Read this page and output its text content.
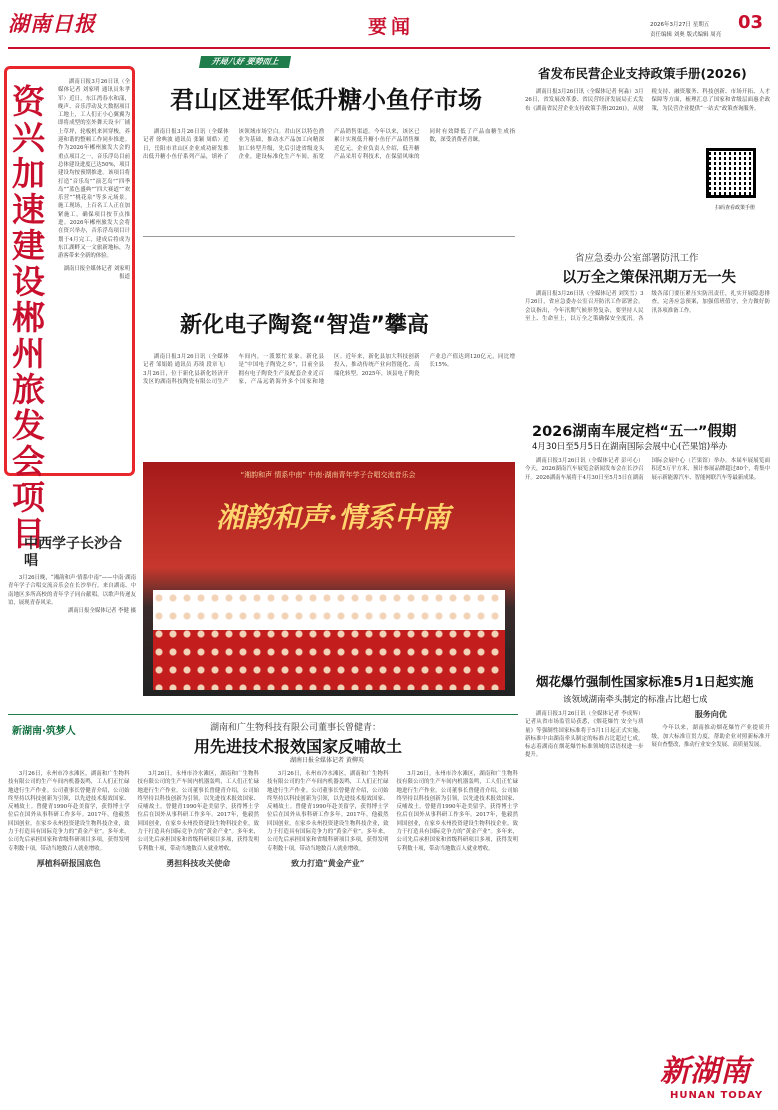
湖南日报	要闻	2026年3月27日 星期五
责任编辑 刘奥 版式编辑 周亮
03
资兴加速建设郴州旅发会项目

湖南日报3月26日讯（全媒体记者 刘家明 通讯员朱孝军）近日，东江湾春水和漾，晚声、音乐浮动及大数据项目工地上，工人们正小心翼翼为即将成型的室外舞天设卡厂铺上草坪，轮板机来回穿梭，养迎和谐的整顿工作同步推进。作为2026年郴州旅发大会的重点项目之一，音乐浮岛目前总体建设进度已达50%，项目建设均按预期推进。该项目将打造“音乐岛”“演艺岛”“四季岛”“蓝色盛典”“四大赛道”“欢乐营”“桃花泉”等多元场景。施工现场，上百名工人正在加紧施工，确保项目按节点推进。2026年郴州旅发大会将在资兴举办，音乐浮岛项目计划于4月完工，建成后将成为东江湖畔又一文旅新地标，为游客带来全新的体验。

湖南日报全媒体记者 刘家明 报道
开局八好 要势而上
君山区进军低升糖小鱼仔市场

湖南日报3月26日讯（全媒体记者 徐典波 通讯员 张颖 周皓）近日，岳阳市君山区企业成功研发推出低升糖小鱼仔系列产品，填补了该领域市场空白。君山区以特色渔业为基础，推动水产品加工向精深加工转型升级，先后引进省级龙头企业，建设标准化生产车间，拓宽产品销售渠道。今年以来，该区已累计实现低升糖小鱼仔产品销售额近亿元。企业负责人介绍，低升糖产品采用专利技术，在保留风味的同时有效降低了产品血糖生成指数，深受消费者青睐。

新化电子陶瓷“智造”攀高

湖南日报3月26日讯（全媒体记者 邹娟娟 通讯员 苏琰 段章飞）3月26日，位于新化县新化经济开发区的湖南科技陶瓷有限公司生产车间内，一派繁忙景象。新化县是“中国电子陶瓷之乡”，目前全县拥有电子陶瓷生产及配套企业近百家，产品远销海外多个国家和地区。近年来，新化县加大科技创新投入，推动传统产业向智能化、高端化转型。2025年，该县电子陶瓷产业总产值达到120亿元，同比增长15%。

“湘韵和声 情系中南” 中南·湖南青年学子合唱交流音乐会
湘韵和声·情系中南
中西学子长沙合唱

3月26日晚，“湘韵和声·情系中南”——中南·湖南青年学子合唱交流音乐会在长沙举行。来自湖南、中南地区多所高校的青年学子同台献唱，以歌声传递友谊，展现青春风采。

湖南日报全媒体记者 李健 摄
省发布民营企业支持政策手册(2026)

湖南日报3月26日讯（全媒体记者 何淼）3月26日，省发展改革委、省民营经济发展局正式发布《湖南省民营企业支持政策手册(2026)》，从财税支持、融资服务、科技创新、市场开拓、人才保障等方面，梳理汇总了国家和省级层面惠企政策，为民营企业提供“一站式”政策查询服务。

扫码查看政策手册
省应急委办公室部署防汛工作
以万全之策保汛期万无一失

湖南日报3月26日讯（全媒体记者 刘笑雪）3月26日，省应急委办公室召开防汛工作部署会。会议指出，今年汛期气候形势复杂，要坚持人民至上、生命至上，以万全之策确保安全度汛。各级各部门要压紧压实防汛责任，扎实开展隐患排查，完善应急预案，加强值班值守，全力做好防汛各项准备工作。

2026湖南车展定档“五一”假期
4月30日至5月5日在湖南国际会展中心(芒果馆)举办

湖南日报3月26日讯（全媒体记者 彭可心）今天，2026湖南汽车展览会新闻发布会在长沙召开。2026湖南车展将于4月30日至5月5日在湖南国际会展中心（芒果馆）举办。本届车展展览面积近5万平方米，预计参展品牌超过80个，将集中展示新能源汽车、智能网联汽车等最新成果。

烟花爆竹强制性国家标准5月1日起实施
该领域湖南牵头制定的标准占比超七成

湖南日报3月26日讯（全媒体记者 李成辉）记者从省市场监管局获悉，《烟花爆竹 安全与质量》等强制性国家标准将于5月1日起正式实施。新标准中由湖南牵头制定的标准占比超过七成，标志着湖南在烟花爆竹标准领域的话语权进一步提升。

服务向优

今年以来，湖南推动烟花爆竹产业提质升级，加大标准宣贯力度，帮助企业对照新标准开展自查整改，推动行业安全发展、高质量发展。

新湖南·筑梦人	湖南和广生物科技有限公司董事长曾健青：
用先进技术报效国家反哺故土
湖南日报全媒体记者 黄柳英

3月26日，永州市冷水滩区，湖南和广生物科技有限公司的生产车间内机器轰鸣，工人们正忙碌地进行生产作业。公司董事长曾健青介绍，公司始终坚持以科技创新为引领，以先进技术报效国家、反哺故土。曾健青1990年赴美留学，获得博士学位后在国外从事科研工作多年。2017年，他毅然回国创业，在家乡永州投资建设生物科技企业，致力于打造具有国际竞争力的“黄金产业”。多年来，公司先后承担国家和省级科研项目多项，获得发明专利数十项，带动当地数百人就业增收。

厚植科研报国底色

3月26日，永州市冷水滩区，湖南和广生物科技有限公司的生产车间内机器轰鸣，工人们正忙碌地进行生产作业。公司董事长曾健青介绍，公司始终坚持以科技创新为引领，以先进技术报效国家、反哺故土。曾健青1990年赴美留学，获得博士学位后在国外从事科研工作多年。2017年，他毅然回国创业，在家乡永州投资建设生物科技企业，致力于打造具有国际竞争力的“黄金产业”。多年来，公司先后承担国家和省级科研项目多项，获得发明专利数十项，带动当地数百人就业增收。

勇担科技攻关使命

3月26日，永州市冷水滩区，湖南和广生物科技有限公司的生产车间内机器轰鸣，工人们正忙碌地进行生产作业。公司董事长曾健青介绍，公司始终坚持以科技创新为引领，以先进技术报效国家、反哺故土。曾健青1990年赴美留学，获得博士学位后在国外从事科研工作多年。2017年，他毅然回国创业，在家乡永州投资建设生物科技企业，致力于打造具有国际竞争力的“黄金产业”。多年来，公司先后承担国家和省级科研项目多项，获得发明专利数十项，带动当地数百人就业增收。

致力打造“黄金产业”

3月26日，永州市冷水滩区，湖南和广生物科技有限公司的生产车间内机器轰鸣，工人们正忙碌地进行生产作业。公司董事长曾健青介绍，公司始终坚持以科技创新为引领，以先进技术报效国家、反哺故土。曾健青1990年赴美留学，获得博士学位后在国外从事科研工作多年。2017年，他毅然回国创业，在家乡永州投资建设生物科技企业，致力于打造具有国际竞争力的“黄金产业”。多年来，公司先后承担国家和省级科研项目多项，获得发明专利数十项，带动当地数百人就业增收。

新湖南
HUNAN TODAY
